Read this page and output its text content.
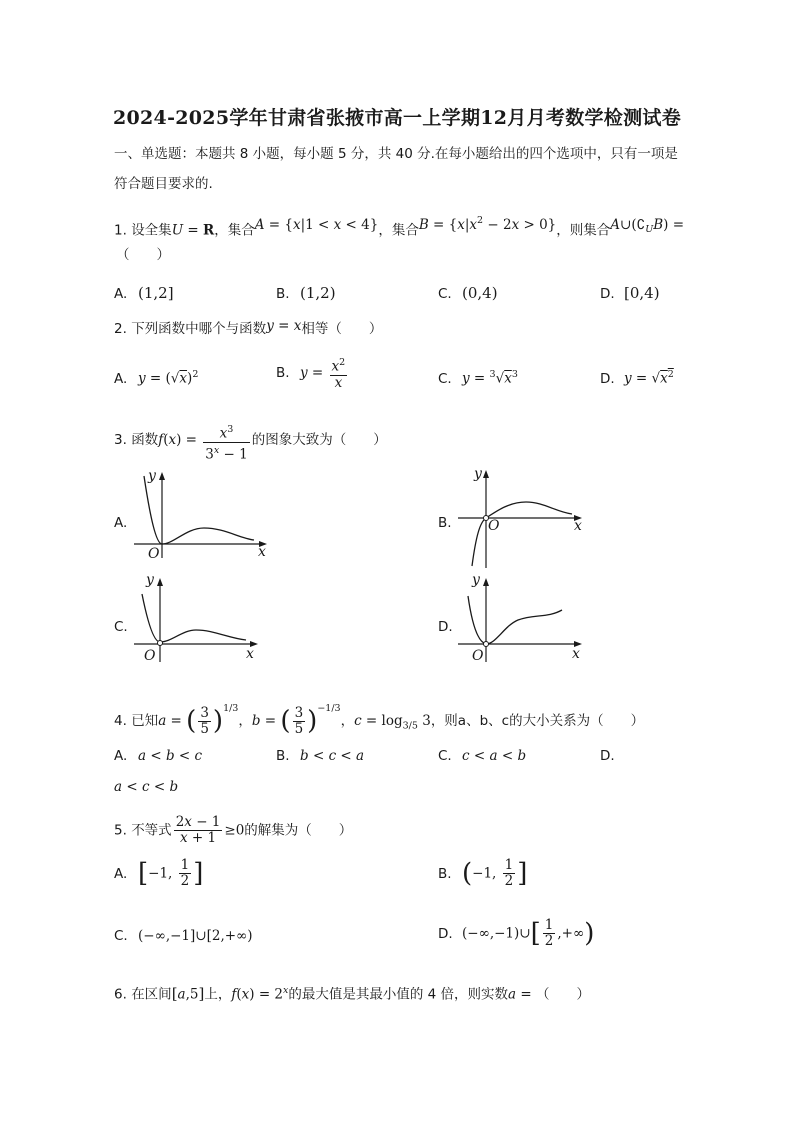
2024-2025学年甘肃省张掖市高一上学期12月月考数学检测试卷
一、单选题：本题共 8 小题，每小题 5 分，共 40 分.在每小题给出的四个选项中，只有一项是
符合题目要求的.
1. 设全集U = R，集合A = {x|1 < x < 4}，集合$B = \{x|x^2 - 2x > 0\}$，则集合$A\cup(∁_UB)$ =
（　　）
A. (1,2]	B. (1,2)	C. (0,4)	D. [0,4)
2. 下列函数中哪个与函数y = x相等（　　）
A. $y = (√x)^2$	B. $y = \frac{x^2}{x}$	C. $y = ^3√x^3$	D. $y = √x^2$
3. 函数$f(x) = \frac{x^3}{3^x - 1}$ 的图象大致为（　　）
A.	B.
C.	D.
y
x
O
y
x
O
y
x
O
y
x
O
4. 已知a = ( $\frac{3}{5} )^{1/3}$，b = ( $\frac{3}{5} )^{-1/3}$，$c = \log_{3/5} 3$，则a、b、c的大小关系为（　　）
A. a < b < c	B. b < c < a	C. c < a < b	D.
a < c < b
5. 不等式 $\frac{2x - 1}{x + 1} \ge 0$的解集为（　　）
A. [−1, $\frac{1}{2}$ ]	B. (−1, $\frac{1}{2}$ ]
C. (−∞,−1]∪[2,+∞)	D. (−∞,−1)∪[ $\frac{1}{2}$ ,+∞)
6. 在区间[a,5]上，$f(x) = 2^x$的最大值是其最小值的 4 倍，则实数a = （　　）
